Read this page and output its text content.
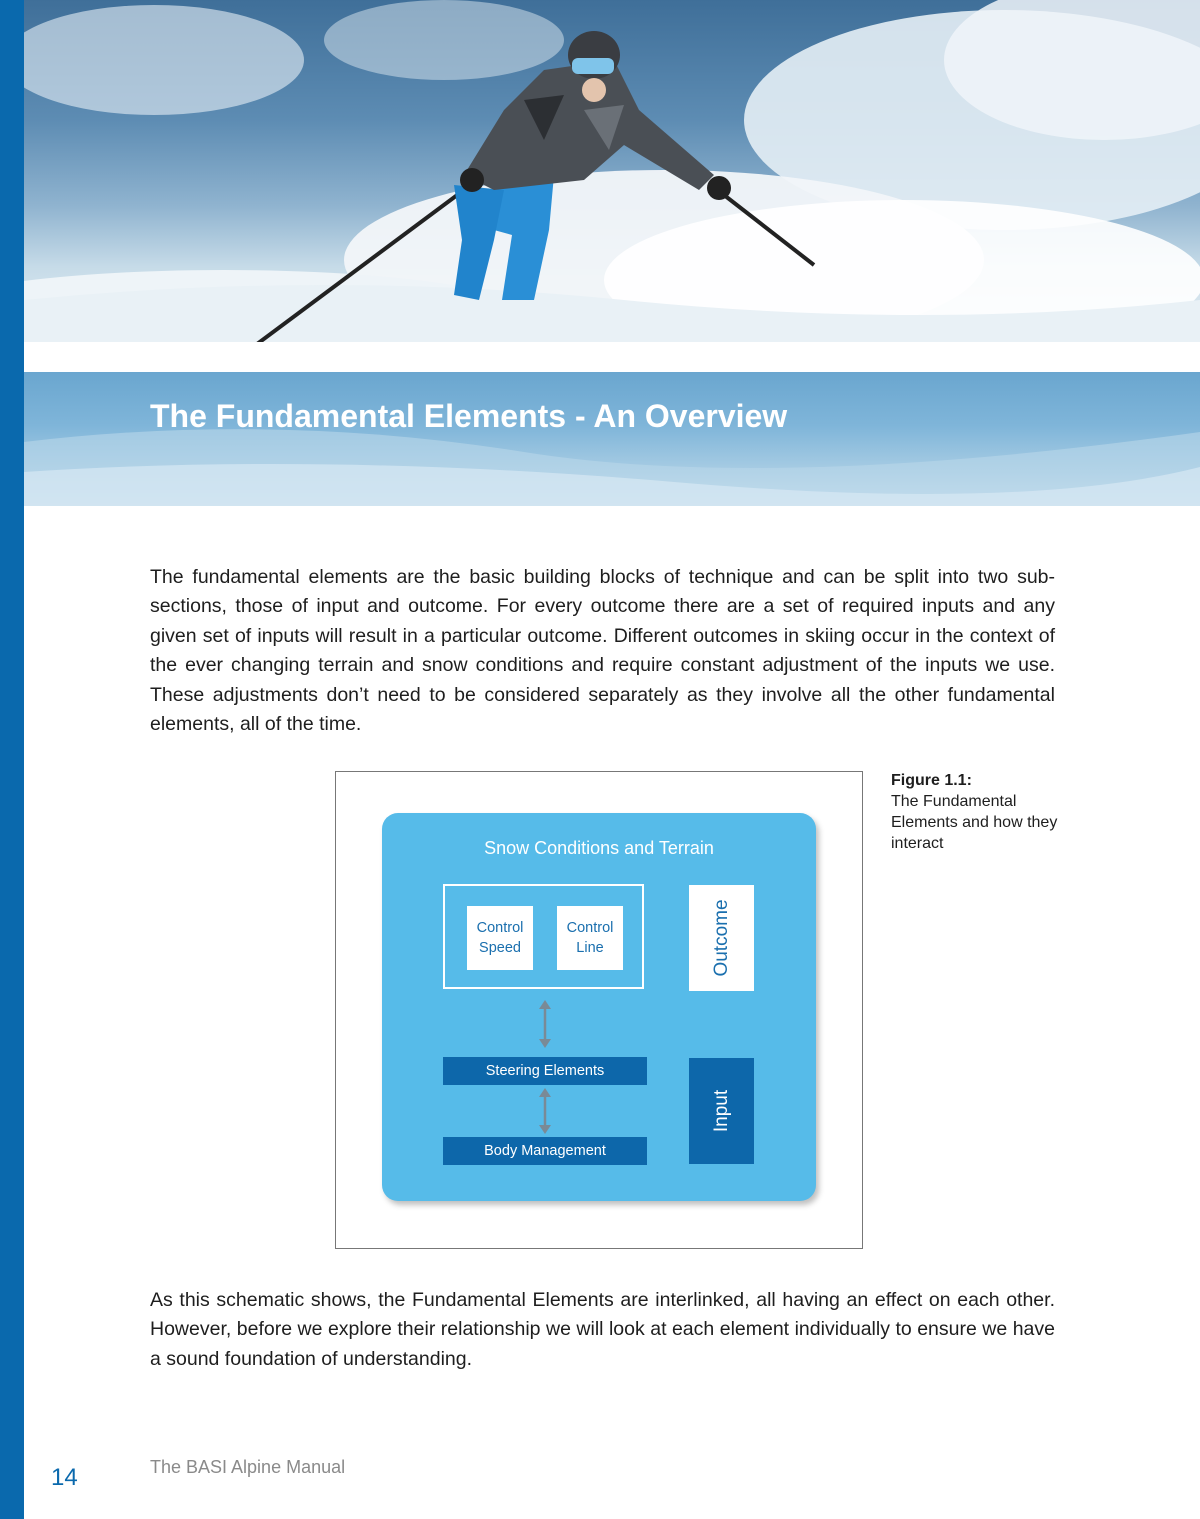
The Fundamental Elements - An Overview

The fundamental elements are the basic building blocks of technique and can be split into two sub-sections, those of input and outcome. For every outcome there are a set of required inputs and any given set of inputs will result in a particular outcome. Different outcomes in skiing occur in the context of the ever changing terrain and snow conditions and require constant adjustment of the inputs we use. These adjustments don’t need to be considered separately as they involve all the other fundamental elements, all of the time.

Snow Conditions and Terrain
Control
Speed
Control
Line
Steering Elements
Body Management
Outcome
Input
Figure 1.1:
The Fundamental Elements and how they interact

As this schematic shows, the Fundamental Elements are interlinked, all having an effect on each other. However, before we explore their relationship we will look at each element individually to ensure we have a sound foundation of understanding.

The BASI Alpine Manual
14
